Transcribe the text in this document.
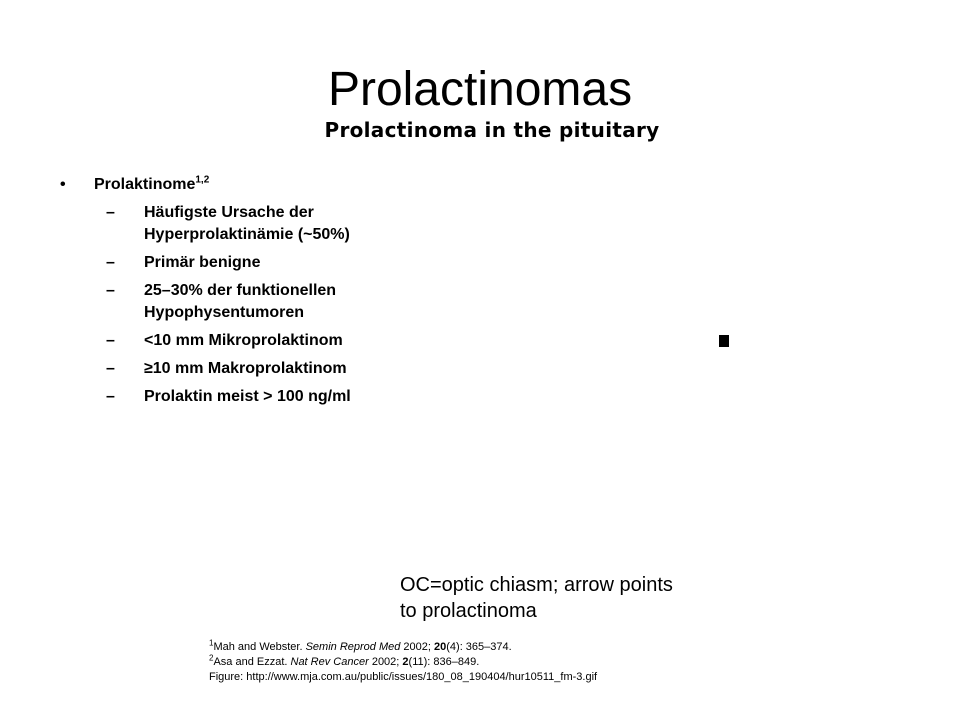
Prolactinomas
Prolactinoma in the pituitary
• Prolaktinome$^{1,2}$
– Häufigste Ursache der
Hyperprolaktinämie (~50%)
– Primär benigne
– 25–30% der funktionellen
Hypophysentumoren
– <10 mm Mikroprolaktinom
– ≥10 mm Makroprolaktinom
– Prolaktin meist > 100 ng/ml
OC=optic chiasm; arrow points
to prolactinoma
$^1$Mah and Webster. Semin Reprod Med 2002; 20(4): 365–374.
$^2$Asa and Ezzat. Nat Rev Cancer 2002; 2(11): 836–849.
Figure: http://www.mja.com.au/public/issues/180_08_190404/hur10511_fm-3.gif
